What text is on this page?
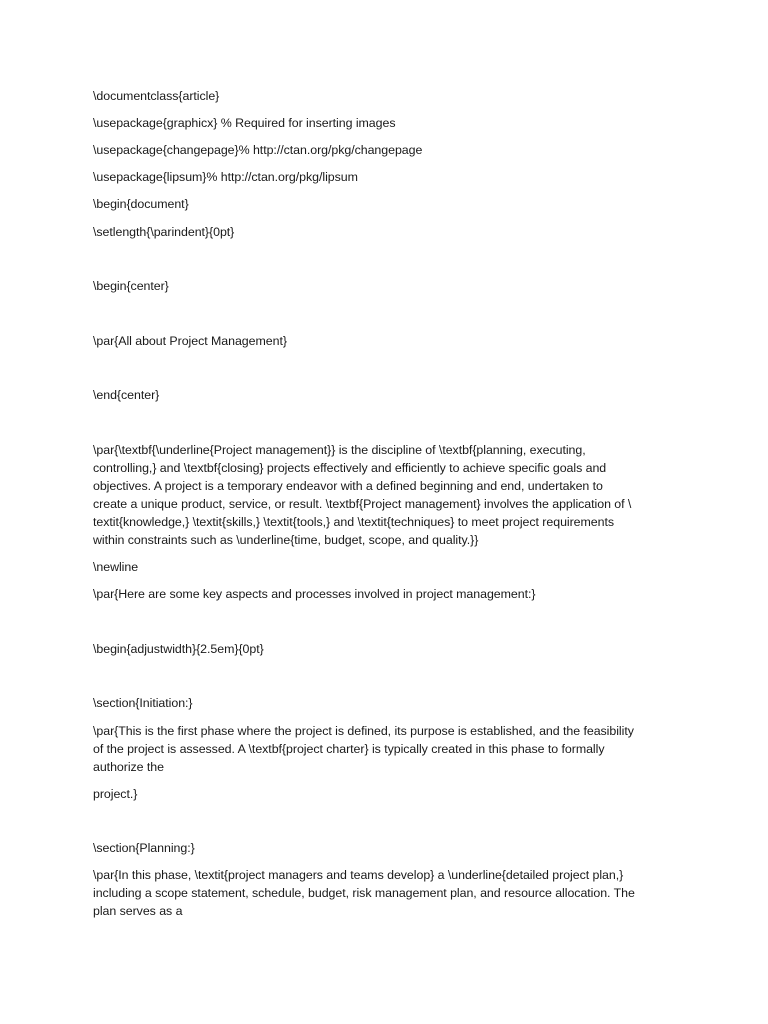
\documentclass{article}
\usepackage{graphicx} % Required for inserting images
\usepackage{changepage}% http://ctan.org/pkg/changepage
\usepackage{lipsum}% http://ctan.org/pkg/lipsum
\begin{document}
\setlength{\parindent}{0pt}
\begin{center}
\par{All about Project Management}
\end{center}
\par{\textbf{\underline{Project management}} is the discipline of \textbf{planning, executing,
controlling,} and \textbf{closing} projects effectively and efficiently to achieve specific goals and
objectives. A project is a temporary endeavor with a defined beginning and end, undertaken to
create a unique product, service, or result. \textbf{Project management} involves the application of \
textit{knowledge,} \textit{skills,} \textit{tools,} and \textit{techniques} to meet project requirements
within constraints such as \underline{time, budget, scope, and quality.}}
\newline
\par{Here are some key aspects and processes involved in project management:}
\begin{adjustwidth}{2.5em}{0pt}
\section{Initiation:}
\par{This is the first phase where the project is defined, its purpose is established, and the feasibility
of the project is assessed. A \textbf{project charter} is typically created in this phase to formally
authorize the
project.}
\section{Planning:}
\par{In this phase, \textit{project managers and teams develop} a \underline{detailed project plan,}
including a scope statement, schedule, budget, risk management plan, and resource allocation. The
plan serves as a
